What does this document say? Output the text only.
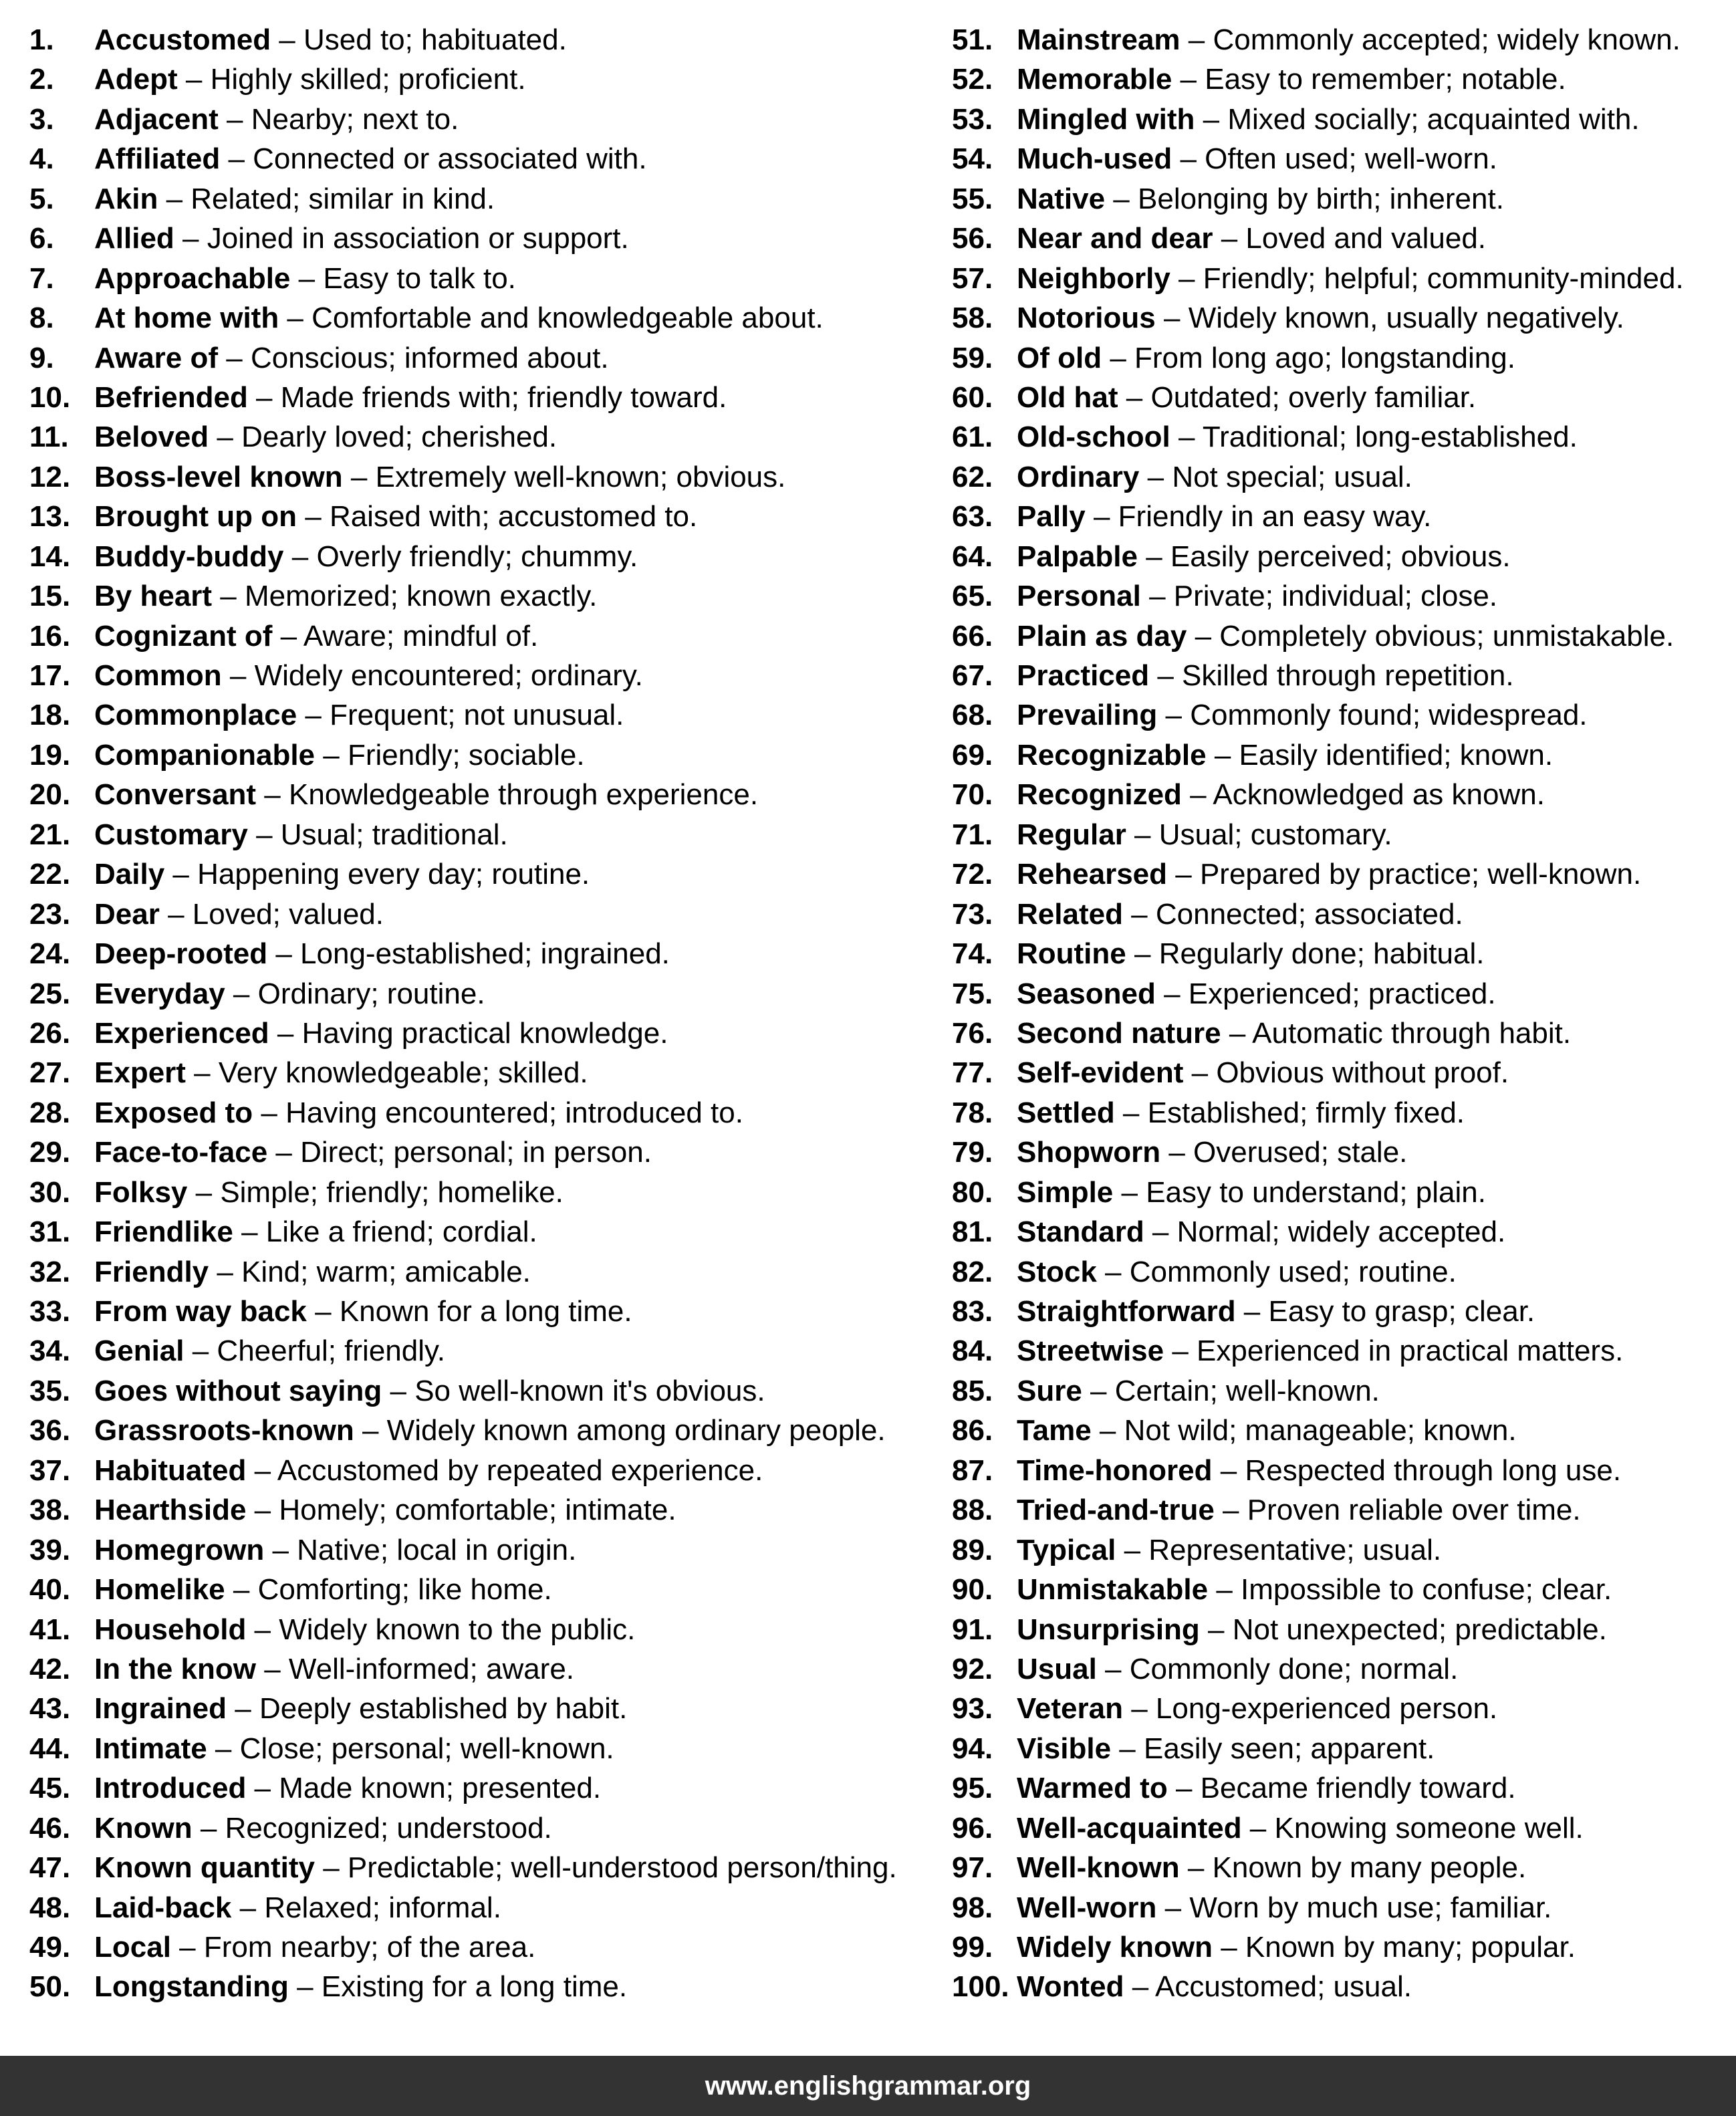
1.	Accustomed – Used to; habituated.
2.	Adept – Highly skilled; proficient.
3.	Adjacent – Nearby; next to.
4.	Affiliated – Connected or associated with.
5.	Akin – Related; similar in kind.
6.	Allied – Joined in association or support.
7.	Approachable – Easy to talk to.
8.	At home with – Comfortable and knowledgeable about.
9.	Aware of – Conscious; informed about.
10. Befriended – Made friends with; friendly toward.
11. Beloved – Dearly loved; cherished.
12. Boss-level known – Extremely well-known; obvious.
13. Brought up on – Raised with; accustomed to.
14. Buddy-buddy – Overly friendly; chummy.
15. By heart – Memorized; known exactly.
16. Cognizant of – Aware; mindful of.
17. Common – Widely encountered; ordinary.
18. Commonplace – Frequent; not unusual.
19. Companionable – Friendly; sociable.
20. Conversant – Knowledgeable through experience.
21. Customary – Usual; traditional.
22. Daily – Happening every day; routine.
23. Dear – Loved; valued.
24. Deep-rooted – Long-established; ingrained.
25. Everyday – Ordinary; routine.
26. Experienced – Having practical knowledge.
27. Expert – Very knowledgeable; skilled.
28. Exposed to – Having encountered; introduced to.
29. Face-to-face – Direct; personal; in person.
30. Folksy – Simple; friendly; homelike.
31. Friendlike – Like a friend; cordial.
32. Friendly – Kind; warm; amicable.
33. From way back – Known for a long time.
34. Genial – Cheerful; friendly.
35. Goes without saying – So well-known it's obvious.
36. Grassroots-known – Widely known among ordinary people.
37. Habituated – Accustomed by repeated experience.
38. Hearthside – Homely; comfortable; intimate.
39. Homegrown – Native; local in origin.
40. Homelike – Comforting; like home.
41. Household – Widely known to the public.
42. In the know – Well-informed; aware.
43. Ingrained – Deeply established by habit.
44. Intimate – Close; personal; well-known.
45. Introduced – Made known; presented.
46. Known – Recognized; understood.
47. Known quantity – Predictable; well-understood person/thing.
48. Laid-back – Relaxed; informal.
49. Local – From nearby; of the area.
50. Longstanding – Existing for a long time.
51. Mainstream – Commonly accepted; widely known.
52. Memorable – Easy to remember; notable.
53. Mingled with – Mixed socially; acquainted with.
54. Much-used – Often used; well-worn.
55. Native – Belonging by birth; inherent.
56. Near and dear – Loved and valued.
57. Neighborly – Friendly; helpful; community-minded.
58. Notorious – Widely known, usually negatively.
59. Of old – From long ago; longstanding.
60. Old hat – Outdated; overly familiar.
61. Old-school – Traditional; long-established.
62. Ordinary – Not special; usual.
63. Pally – Friendly in an easy way.
64. Palpable – Easily perceived; obvious.
65. Personal – Private; individual; close.
66. Plain as day – Completely obvious; unmistakable.
67. Practiced – Skilled through repetition.
68. Prevailing – Commonly found; widespread.
69. Recognizable – Easily identified; known.
70. Recognized – Acknowledged as known.
71. Regular – Usual; customary.
72. Rehearsed – Prepared by practice; well-known.
73. Related – Connected; associated.
74. Routine – Regularly done; habitual.
75. Seasoned – Experienced; practiced.
76. Second nature – Automatic through habit.
77. Self-evident – Obvious without proof.
78. Settled – Established; firmly fixed.
79. Shopworn – Overused; stale.
80. Simple – Easy to understand; plain.
81. Standard – Normal; widely accepted.
82. Stock – Commonly used; routine.
83. Straightforward – Easy to grasp; clear.
84. Streetwise – Experienced in practical matters.
85. Sure – Certain; well-known.
86. Tame – Not wild; manageable; known.
87. Time-honored – Respected through long use.
88. Tried-and-true – Proven reliable over time.
89. Typical – Representative; usual.
90. Unmistakable – Impossible to confuse; clear.
91. Unsurprising – Not unexpected; predictable.
92. Usual – Commonly done; normal.
93. Veteran – Long-experienced person.
94. Visible – Easily seen; apparent.
95. Warmed to – Became friendly toward.
96. Well-acquainted – Knowing someone well.
97. Well-known – Known by many people.
98. Well-worn – Worn by much use; familiar.
99. Widely known – Known by many; popular.
100. Wonted – Accustomed; usual.
www.englishgrammar.org
